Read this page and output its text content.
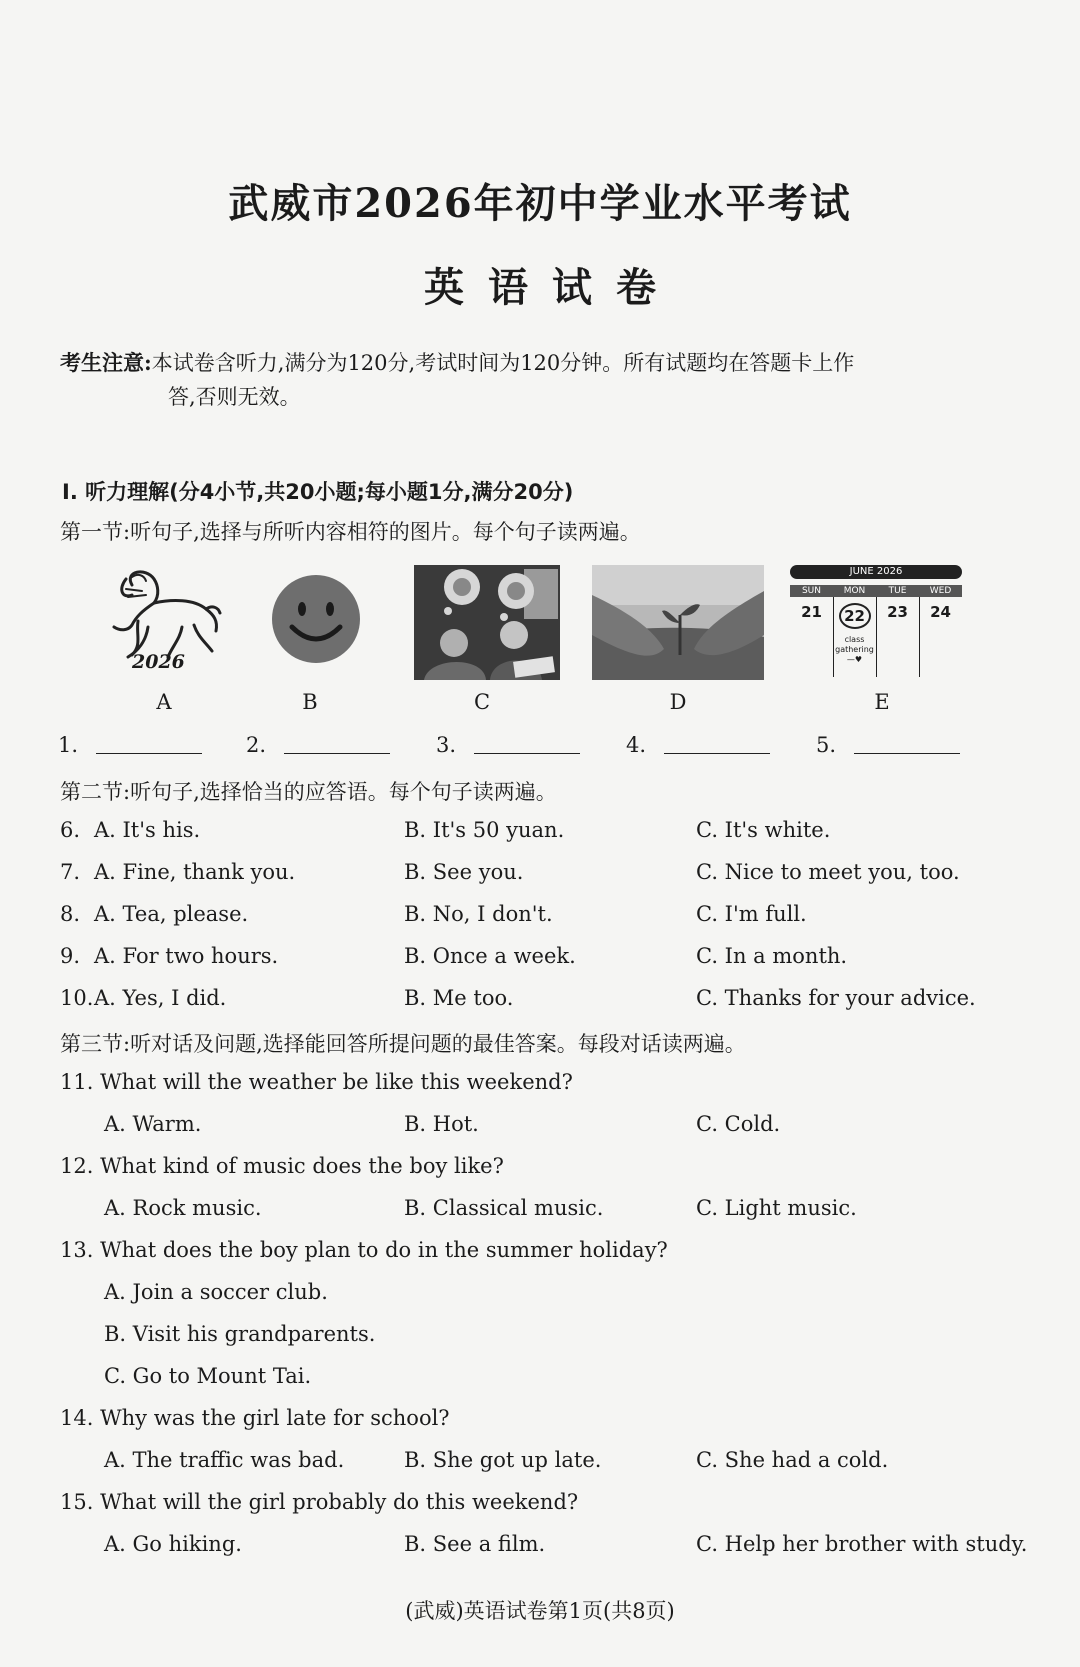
武威市2026年初中学业水平考试
英语试卷
考生注意:本试卷含听力,满分为120分,考试时间为120分钟。所有试题均在答题卡上作
答,否则无效。
Ⅰ. 听力理解(分4小节,共20小题;每小题1分,满分20分)
第一节:听句子,选择与所听内容相符的图片。每个句子读两遍。
2026
A	B	C	D
JUNE 2026
SUN	MON	TUE	WED
21	22	23	24
class
gathering
—♥
E
1.	2.	3.	4.	5.
第二节:听句子,选择恰当的应答语。每个句子读两遍。
6. A. It's his.	B. It's 50 yuan.	C. It's white.
7. A. Fine, thank you.	B. See you.	C. Nice to meet you, too.
8. A. Tea, please.	B. No, I don't.	C. I'm full.
9. A. For two hours.	B. Once a week.	C. In a month.
10. A. Yes, I did.	B. Me too.	C. Thanks for your advice.
第三节:听对话及问题,选择能回答所提问题的最佳答案。每段对话读两遍。
11. What will the weather be like this weekend?
A. Warm.	B. Hot.	C. Cold.
12. What kind of music does the boy like?
A. Rock music.	B. Classical music.	C. Light music.
13. What does the boy plan to do in the summer holiday?
A. Join a soccer club.
B. Visit his grandparents.
C. Go to Mount Tai.
14. Why was the girl late for school?
A. The traffic was bad.	B. She got up late.	C. She had a cold.
15. What will the girl probably do this weekend?
A. Go hiking.	B. See a film.	C. Help her brother with study.
(武威)英语试卷第1页(共8页)
